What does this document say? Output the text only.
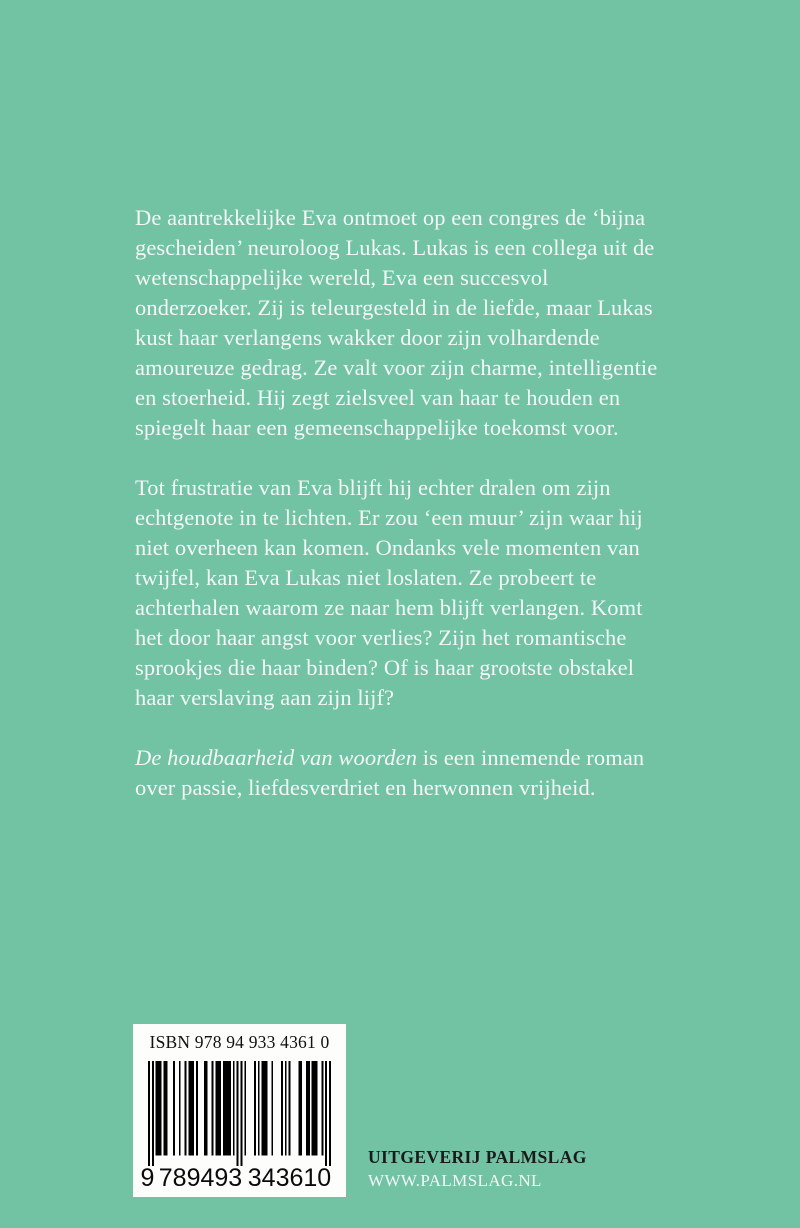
De aantrekkelijke Eva ontmoet op een congres de ‘bijna gescheiden’ neuroloog Lukas. Lukas is een collega uit de wetenschappelijke wereld, Eva een succesvol onderzoeker. Zij is teleurgesteld in de liefde, maar Lukas kust haar verlangens wakker door zijn volhardende amoureuze gedrag. Ze valt voor zijn charme, intelligentie en stoerheid. Hij zegt zielsveel van haar te houden en spiegelt haar een gemeenschappelijke toekomst voor.

Tot frustratie van Eva blijft hij echter dralen om zijn echtgenote in te lichten. Er zou ‘een muur’ zijn waar hij niet overheen kan komen. Ondanks vele momenten van twijfel, kan Eva Lukas niet loslaten. Ze probeert te achterhalen waarom ze naar hem blijft verlangen. Komt het door haar angst voor verlies? Zijn het romantische sprookjes die haar binden? Of is haar grootste obstakel haar verslaving aan zijn lijf?

De houdbaarheid van woorden is een innemende roman over passie, liefdesverdriet en herwonnen vrijheid.

ISBN 978 94 933 4361 0
9 789493 343610
UITGEVERIJ PALMSLAG
WWW.PALMSLAG.NL
